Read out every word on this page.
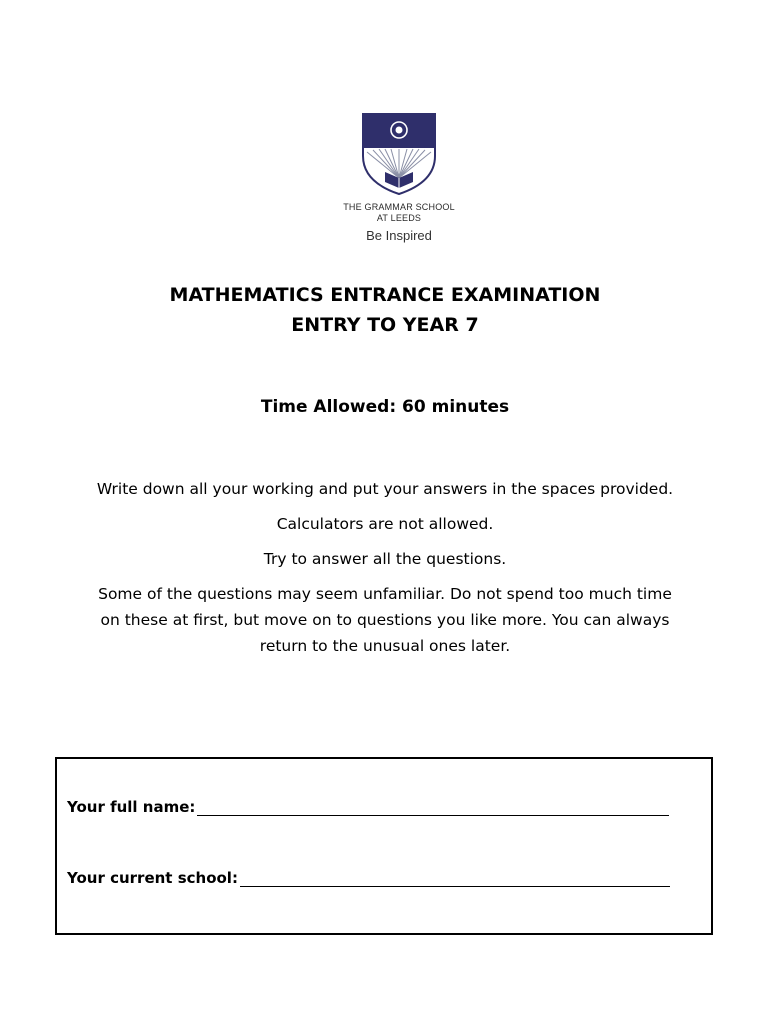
THE GRAMMAR SCHOOL
AT LEEDS
Be Inspired
MATHEMATICS ENTRANCE EXAMINATION
ENTRY TO YEAR 7
Time Allowed: 60 minutes

Write down all your working and put your answers in the spaces provided.

Calculators are not allowed.

Try to answer all the questions.

Some of the questions may seem unfamiliar. Do not spend too much time on these at first, but move on to questions you like more. You can always return to the unusual ones later.

Your full name:
Your current school:
